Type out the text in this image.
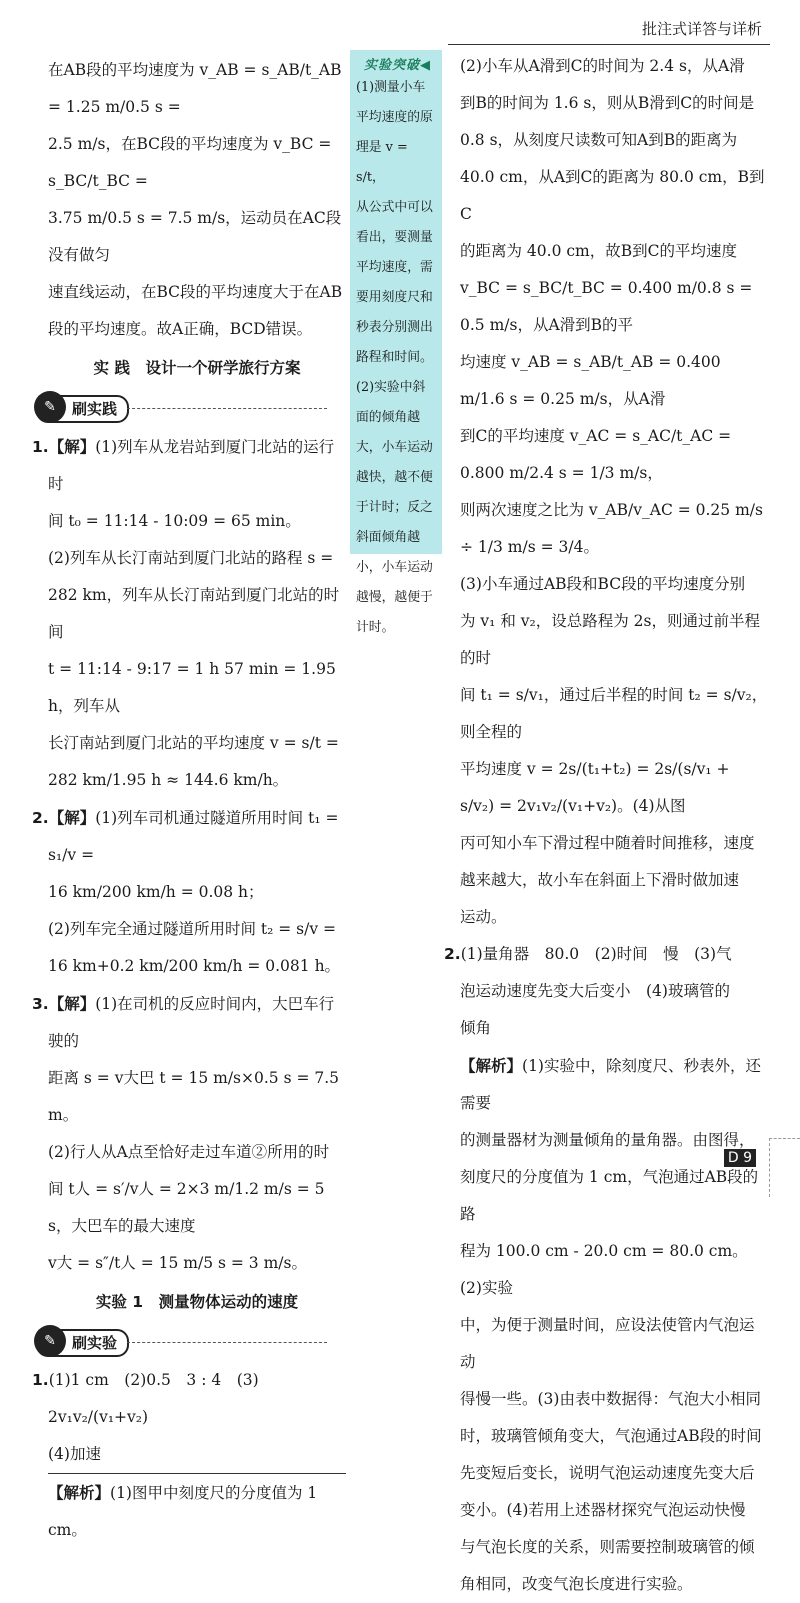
批注式详答与详析

在AB段的平均速度为 v_AB = s_AB/t_AB = 1.25 m/0.5 s =

2.5 m/s，在BC段的平均速度为 v_BC = s_BC/t_BC =

3.75 m/0.5 s = 7.5 m/s，运动员在AC段没有做匀

速直线运动，在BC段的平均速度大于在AB

段的平均速度。故A正确，BCD错误。

实 践　设计一个研学旅行方案
✎	刷实践

1.【解】(1)列车从龙岩站到厦门北站的运行时

间 t₀ = 11:14 - 10:09 = 65 min。

(2)列车从长汀南站到厦门北站的路程 s =

282 km，列车从长汀南站到厦门北站的时间

t = 11:14 - 9:17 = 1 h 57 min = 1.95 h，列车从

长汀南站到厦门北站的平均速度 v = s/t =

282 km/1.95 h ≈ 144.6 km/h。

2.【解】(1)列车司机通过隧道所用时间 t₁ = s₁/v =

16 km/200 km/h = 0.08 h；

(2)列车完全通过隧道所用时间 t₂ = s/v =

16 km+0.2 km/200 km/h = 0.081 h。

3.【解】(1)在司机的反应时间内，大巴车行驶的

距离 s = v大巴 t = 15 m/s×0.5 s = 7.5 m。

(2)行人从A点至恰好走过车道②所用的时

间 t人 = s′/v人 = 2×3 m/1.2 m/s = 5 s，大巴车的最大速度

v大 = s″/t人 = 15 m/5 s = 3 m/s。

实验 1　测量物体运动的速度
✎	刷实验

1.(1)1 cm　(2)0.5　3 : 4　(3) 2v₁v₂/(v₁+v₂)

(4)加速

【解析】(1)图甲中刻度尺的分度值为 1 cm。

实验突破◀

(1)测量小车

平均速度的原

理是 v = s/t，

从公式中可以

看出，要测量

平均速度，需

要用刻度尺和

秒表分别测出

路程和时间。

(2)实验中斜

面的倾角越

大，小车运动

越快，越不便

于计时；反之

斜面倾角越

小，小车运动

越慢，越便于

计时。

(2)小车从A滑到C的时间为 2.4 s，从A滑

到B的时间为 1.6 s，则从B滑到C的时间是

0.8 s，从刻度尺读数可知A到B的距离为

40.0 cm，从A到C的距离为 80.0 cm，B到C

的距离为 40.0 cm，故B到C的平均速度

v_BC = s_BC/t_BC = 0.400 m/0.8 s = 0.5 m/s，从A滑到B的平

均速度 v_AB = s_AB/t_AB = 0.400 m/1.6 s = 0.25 m/s，从A滑

到C的平均速度 v_AC = s_AC/t_AC = 0.800 m/2.4 s = 1/3 m/s，

则两次速度之比为 v_AB/v_AC = 0.25 m/s ÷ 1/3 m/s = 3/4。

(3)小车通过AB段和BC段的平均速度分别

为 v₁ 和 v₂，设总路程为 2s，则通过前半程的时

间 t₁ = s/v₁，通过后半程的时间 t₂ = s/v₂，则全程的

平均速度 v = 2s/(t₁+t₂) = 2s/(s/v₁ + s/v₂) = 2v₁v₂/(v₁+v₂)。(4)从图

丙可知小车下滑过程中随着时间推移，速度

越来越大，故小车在斜面上下滑时做加速

运动。

2.(1)量角器　80.0　(2)时间　慢　(3)气

泡运动速度先变大后变小　(4)玻璃管的

倾角

【解析】(1)实验中，除刻度尺、秒表外，还需要

的测量器材为测量倾角的量角器。由图得，

刻度尺的分度值为 1 cm，气泡通过AB段的路

程为 100.0 cm - 20.0 cm = 80.0 cm。(2)实验

中，为便于测量时间，应设法使管内气泡运动

得慢一些。(3)由表中数据得：气泡大小相同

时，玻璃管倾角变大，气泡通过AB段的时间

先变短后变长，说明气泡运动速度先变大后

变小。(4)若用上述器材探究气泡运动快慢

与气泡长度的关系，则需要控制玻璃管的倾

角相同，改变气泡长度进行实验。

D 9
